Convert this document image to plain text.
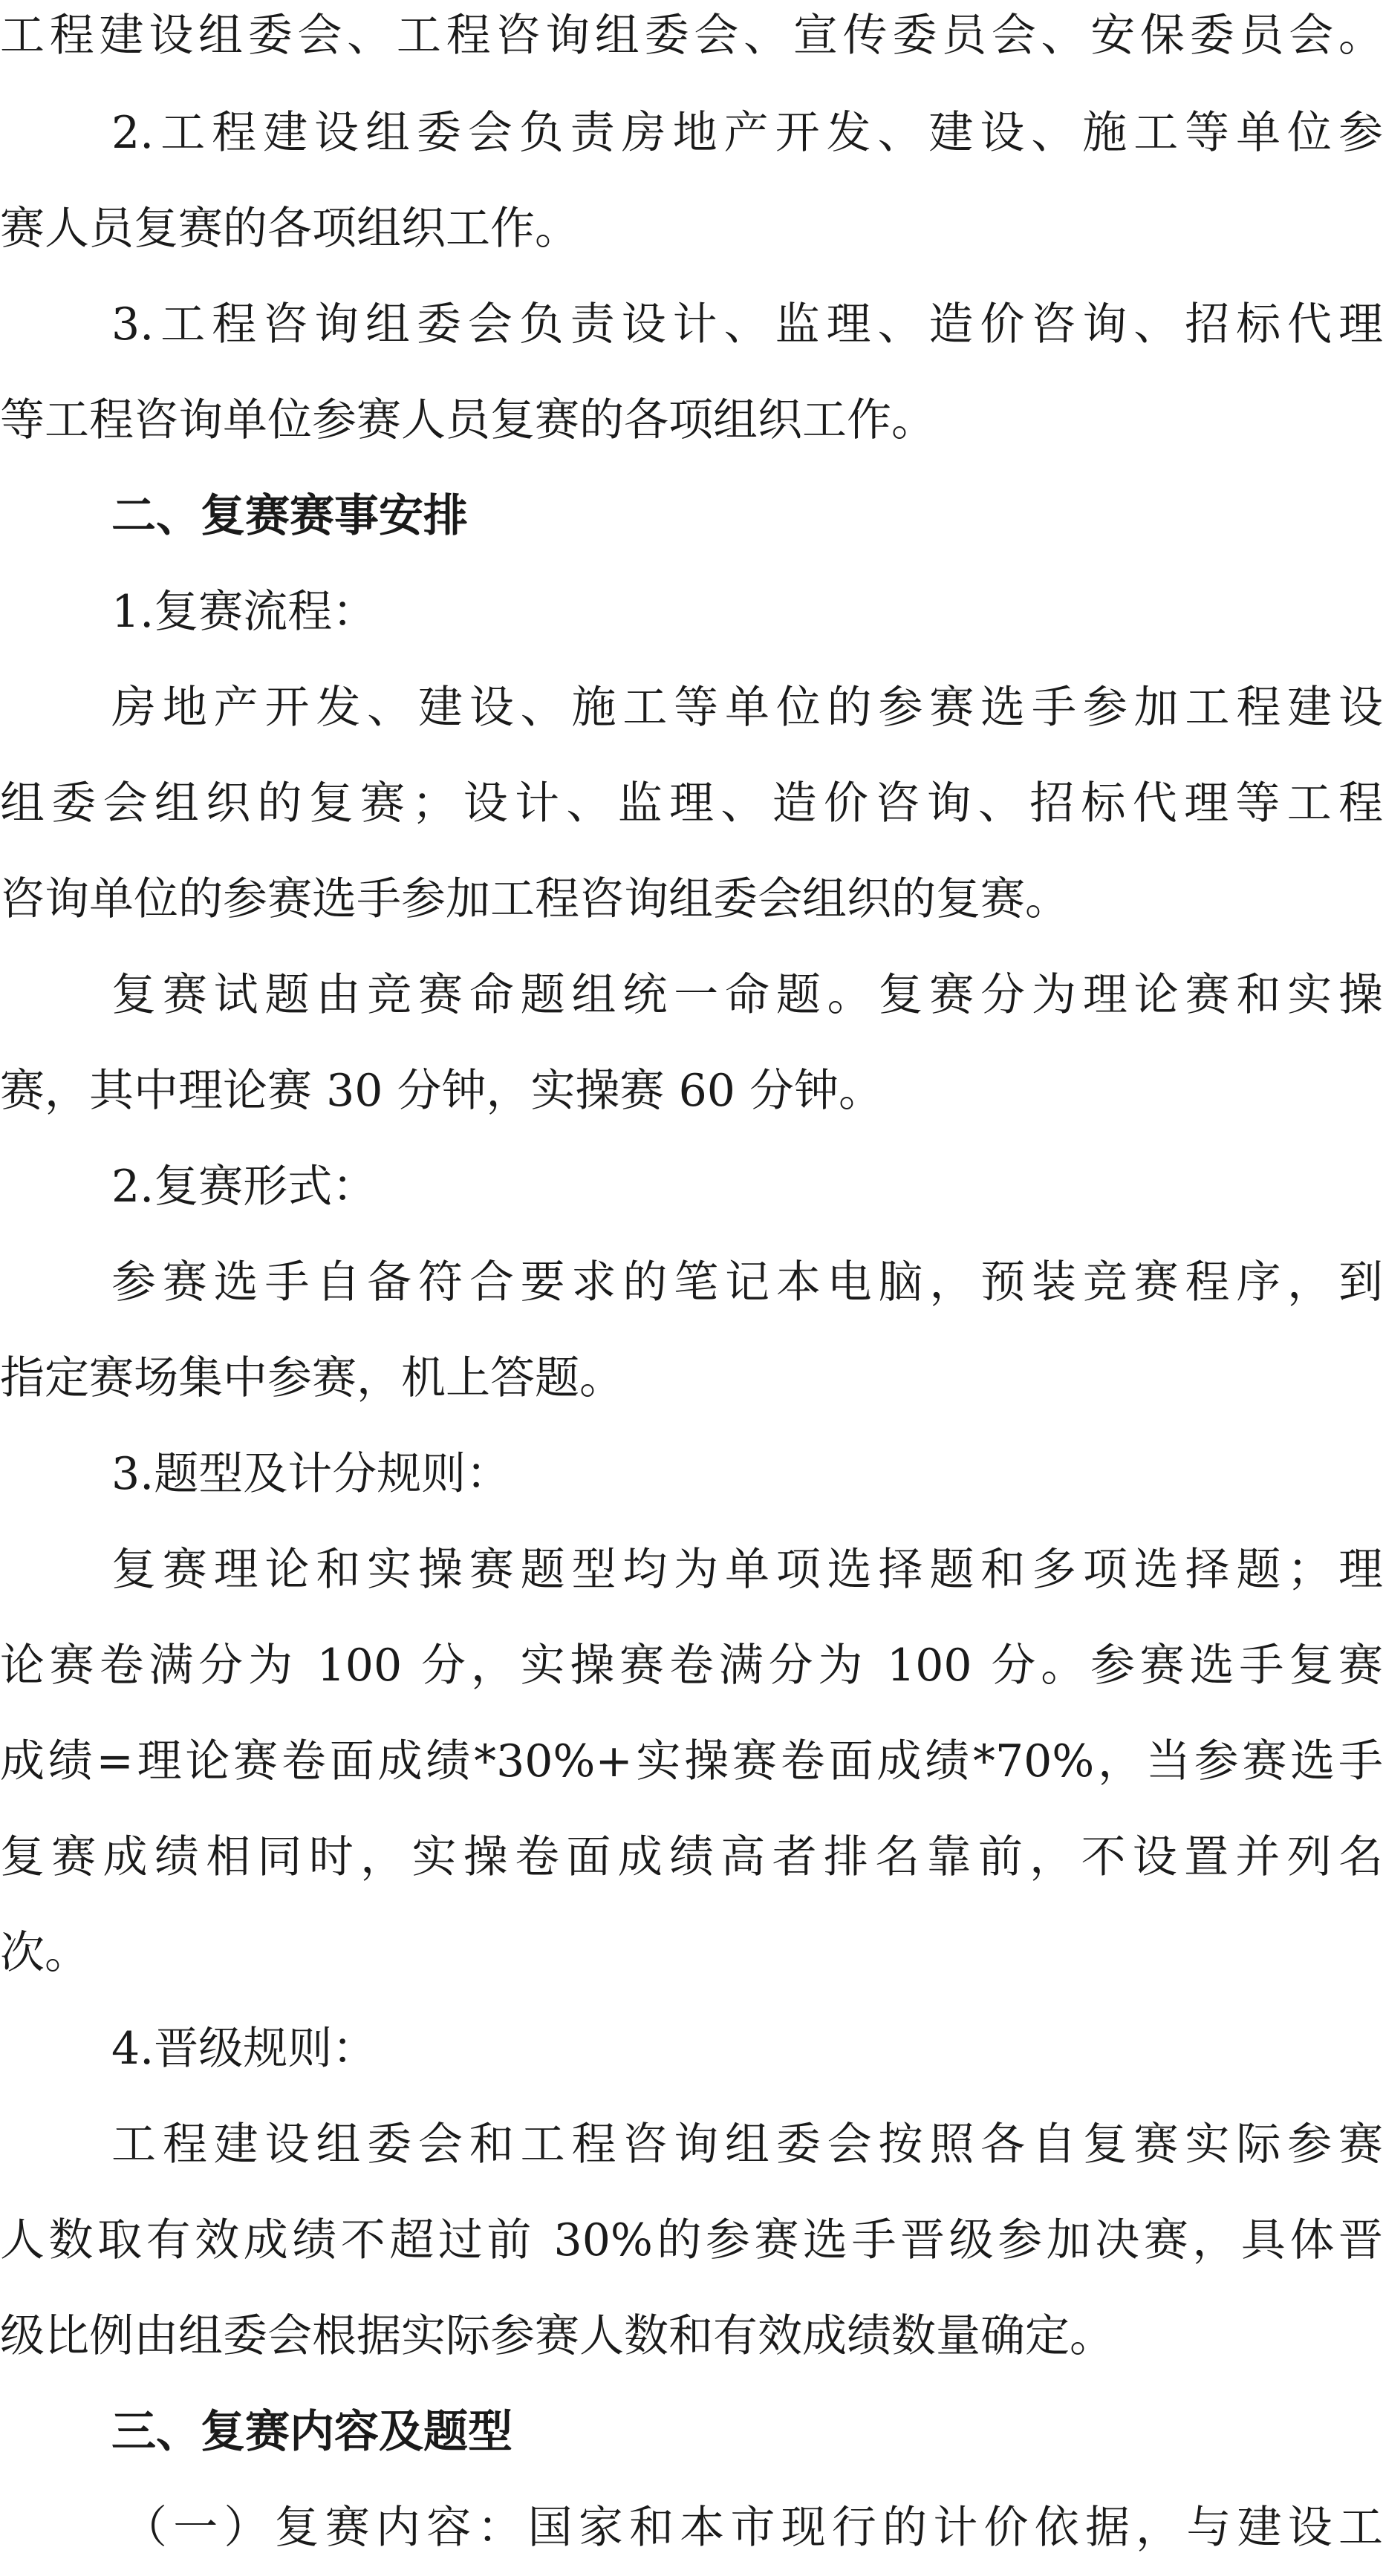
工程建设组委会、工程咨询组委会、宣传委员会、安保委员会。
2.工程建设组委会负责房地产开发、建设、施工等单位参
赛人员复赛的各项组织工作。
3.工程咨询组委会负责设计、监理、造价咨询、招标代理
等工程咨询单位参赛人员复赛的各项组织工作。
二、复赛赛事安排
1.复赛流程：
房地产开发、建设、施工等单位的参赛选手参加工程建设
组委会组织的复赛；设计、监理、造价咨询、招标代理等工程
咨询单位的参赛选手参加工程咨询组委会组织的复赛。
复赛试题由竞赛命题组统一命题。复赛分为理论赛和实操
赛，其中理论赛 30 分钟，实操赛 60 分钟。
2.复赛形式：
参赛选手自备符合要求的笔记本电脑，预装竞赛程序，到
指定赛场集中参赛，机上答题。
3.题型及计分规则：
复赛理论和实操赛题型均为单项选择题和多项选择题；理
论赛卷满分为 100 分，实操赛卷满分为 100 分。参赛选手复赛
成绩=理论赛卷面成绩*30%+实操赛卷面成绩*70%，当参赛选手
复赛成绩相同时，实操卷面成绩高者排名靠前，不设置并列名
次。
4.晋级规则：
工程建设组委会和工程咨询组委会按照各自复赛实际参赛
人数取有效成绩不超过前 30%的参赛选手晋级参加决赛，具体晋
级比例由组委会根据实际参赛人数和有效成绩数量确定。
三、复赛内容及题型
（一）复赛内容：国家和本市现行的计价依据，与建设工
